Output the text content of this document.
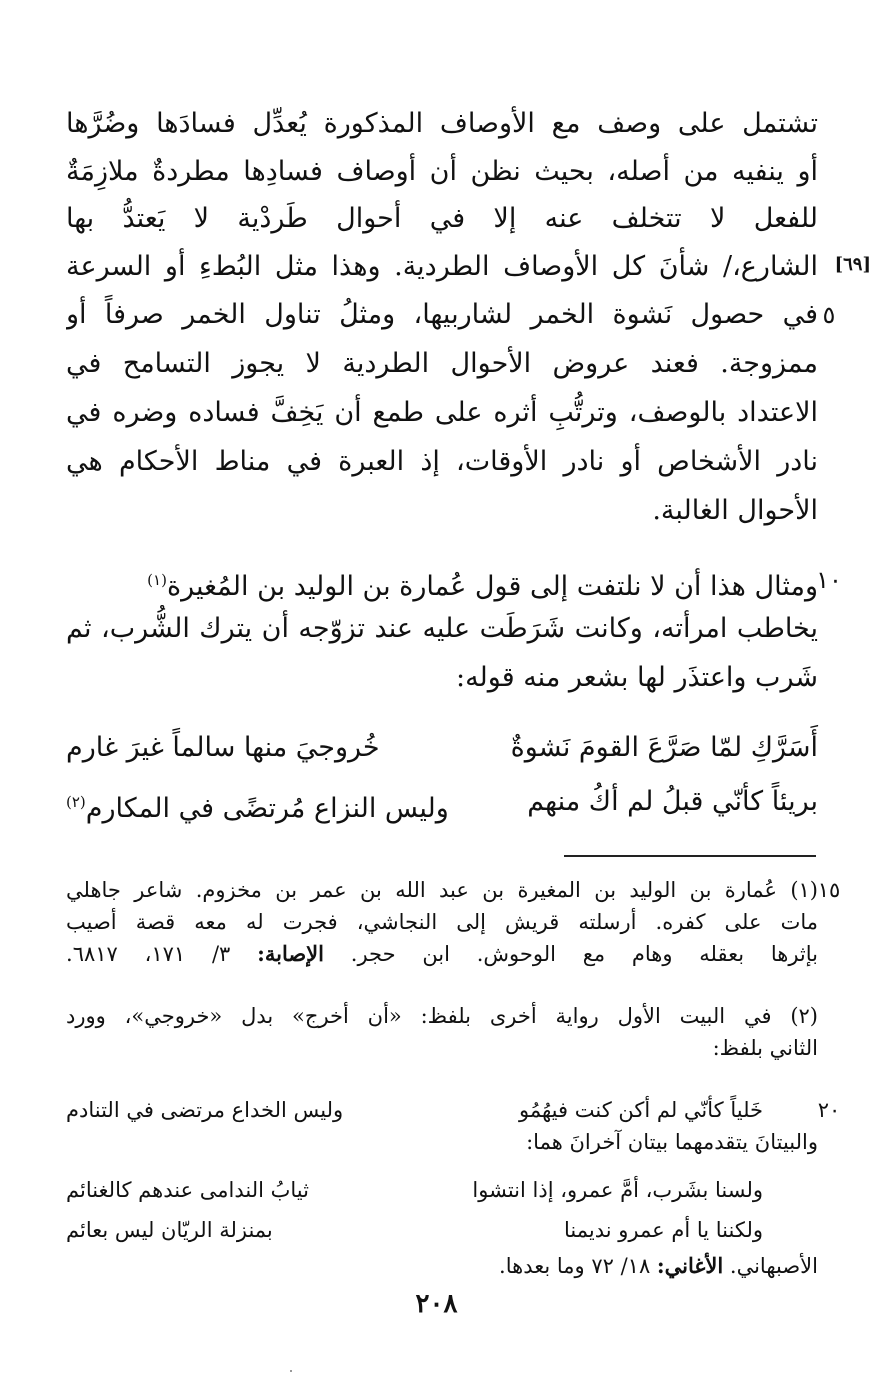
تشتمل على وصف مع الأوصاف المذكورة يُعدِّل فسادَها وضُرَّها
أو ينفيه من أصله، بحيث نظن أن أوصاف فسادِها مطردةٌ ملازِمَةٌ
للفعل لا تتخلف عنه إلا في أحوال طَردْية لا يَعتدُّ بها
الشارع،/ شأنَ كل الأوصاف الطردية. وهذا مثل البُطءِ أو السرعة [٦٩]
في حصول نَشوة الخمر لشاربيها، ومثلُ تناول الخمر صرفاً أو ٥
ممزوجة. فعند عروض الأحوال الطردية لا يجوز التسامح في
الاعتداد بالوصف، وترتُّبِ أثره على طمع أن يَخِفَّ فساده وضره في
نادر الأشخاص أو نادر الأوقات، إذ العبرة في مناط الأحكام هي
الأحوال الغالبة.
١٠
ومثال هذا أن لا نلتفت إلى قول عُمارة بن الوليد بن المُغيرة$^{(١)}$
يخاطب امرأته، وكانت شَرَطَت عليه عند تزوّجه أن يترك الشُّرب، ثم
شَرب واعتذَر لها بشعر منه قوله:
أَسَرَّكِ لمّا صَرَّعَ القومَ نَشوةٌ
خُروجيَ منها سالماً غيرَ غارم
بريئاً كأنّي قبلُ لم أكُ منهم
وليس النزاع مُرتضًى في المكارم$^{(٢)}$
١٥
(١) عُمارة بن الوليد بن المغيرة بن عبد الله بن عمر بن مخزوم. شاعر جاهلي
مات على كفره. أرسلته قريش إلى النجاشي، فجرت له معه قصة أصيب
بإثرها بعقله وهام مع الوحوش. ابن حجر. الإصابة: ٣/ ١٧١، ٦٨١٧.
(٢) في البيت الأول رواية أخرى بلفظ: «أن أخرج» بدل «خروجي»، وورد
الثاني بلفظ:
٢٠
خَلياً كأنّي لم أكن كنت فيهُمُو
وليس الخداع مرتضى في التنادم
والبيتانَ يتقدمهما بيتان آخرانَ هما:
ولسنا بشَرب، أمَّ عمرو، إذا انتشوا
ثيابُ الندامى عندهم كالغنائم
ولكننا يا أم عمرو نديمنا
بمنزلة الريّان ليس بعائم
الأصبهاني. الأغاني: ١٨/ ٧٢ وما بعدها.
٢٠٨
